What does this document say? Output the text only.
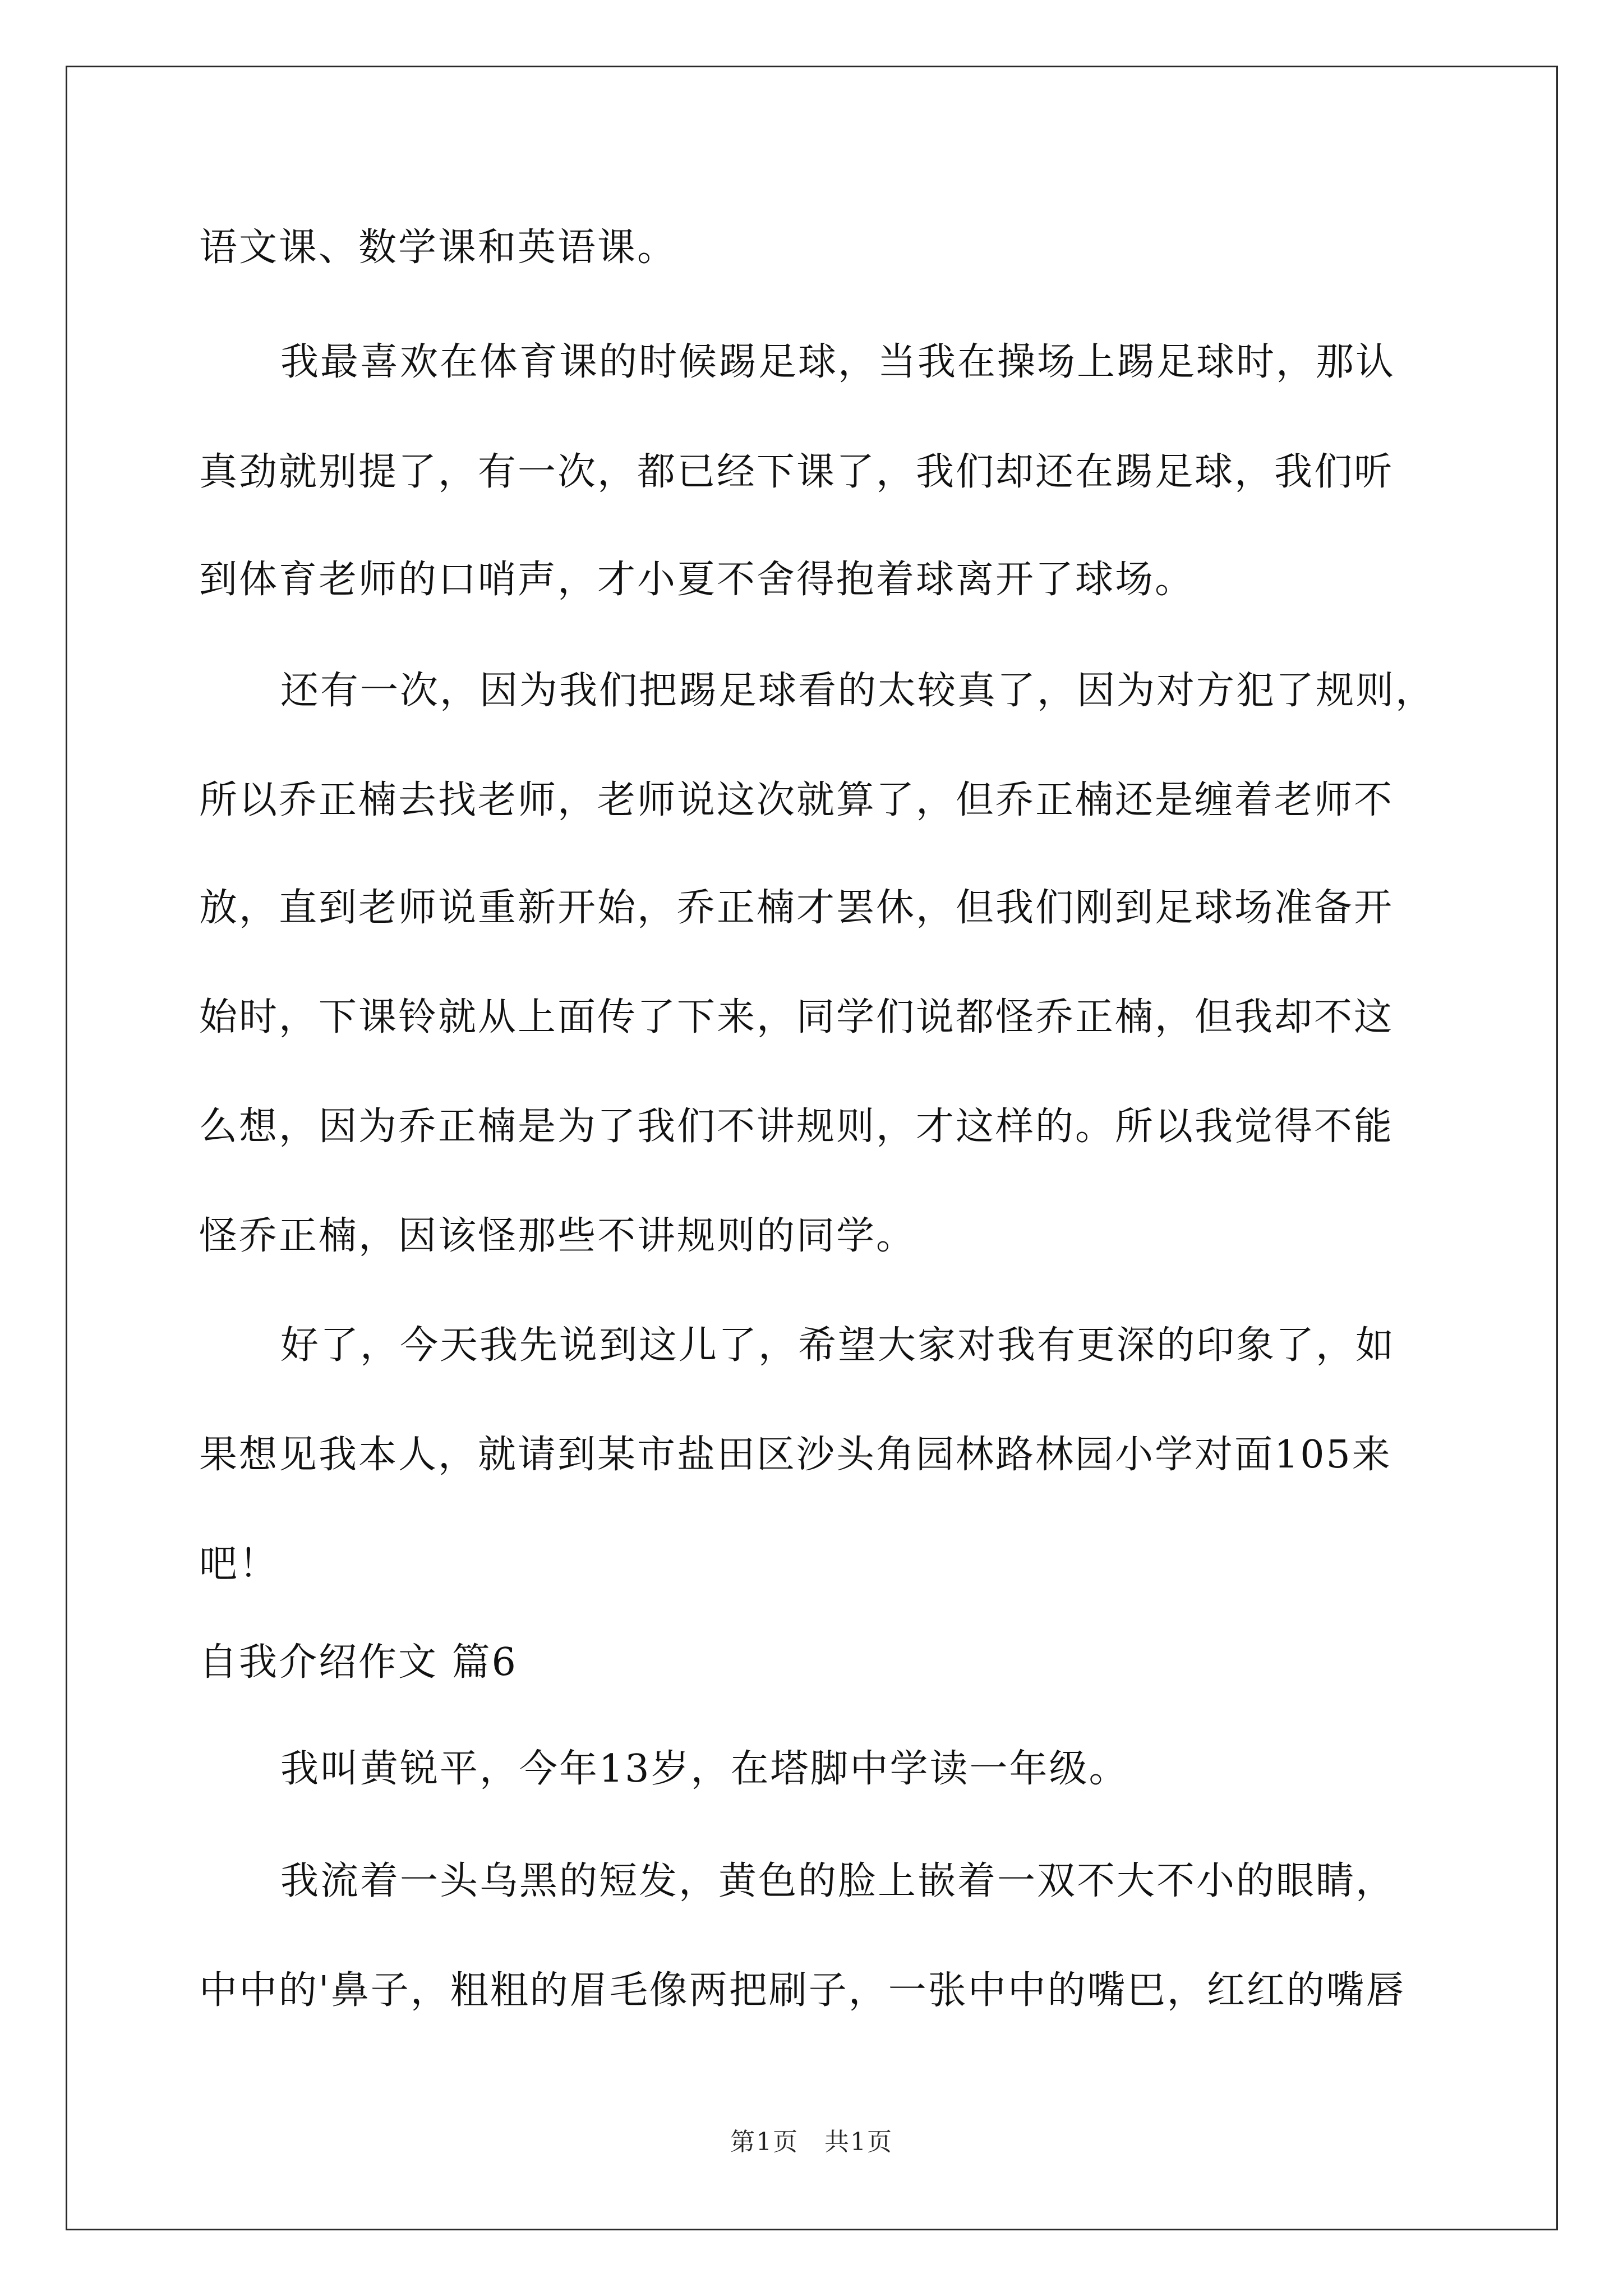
语文课、数学课和英语课。
我最喜欢在体育课的时候踢足球，当我在操场上踢足球时，那认
真劲就别提了，有一次，都已经下课了，我们却还在踢足球，我们听
到体育老师的口哨声，才小夏不舍得抱着球离开了球场。
还有一次，因为我们把踢足球看的太较真了，因为对方犯了规则，
所以乔正楠去找老师，老师说这次就算了，但乔正楠还是缠着老师不
放，直到老师说重新开始，乔正楠才罢休，但我们刚到足球场准备开
始时，下课铃就从上面传了下来，同学们说都怪乔正楠，但我却不这
么想，因为乔正楠是为了我们不讲规则，才这样的。所以我觉得不能
怪乔正楠，因该怪那些不讲规则的同学。
好了，今天我先说到这儿了，希望大家对我有更深的印象了，如
果想见我本人，就请到某市盐田区沙头角园林路林园小学对面105来
吧！
自我介绍作文 篇6
我叫黄锐平，今年13岁，在塔脚中学读一年级。
我流着一头乌黑的短发，黄色的脸上嵌着一双不大不小的眼睛，
中中的'鼻子，粗粗的眉毛像两把刷子，一张中中的嘴巴，红红的嘴唇
第1页　共1页
